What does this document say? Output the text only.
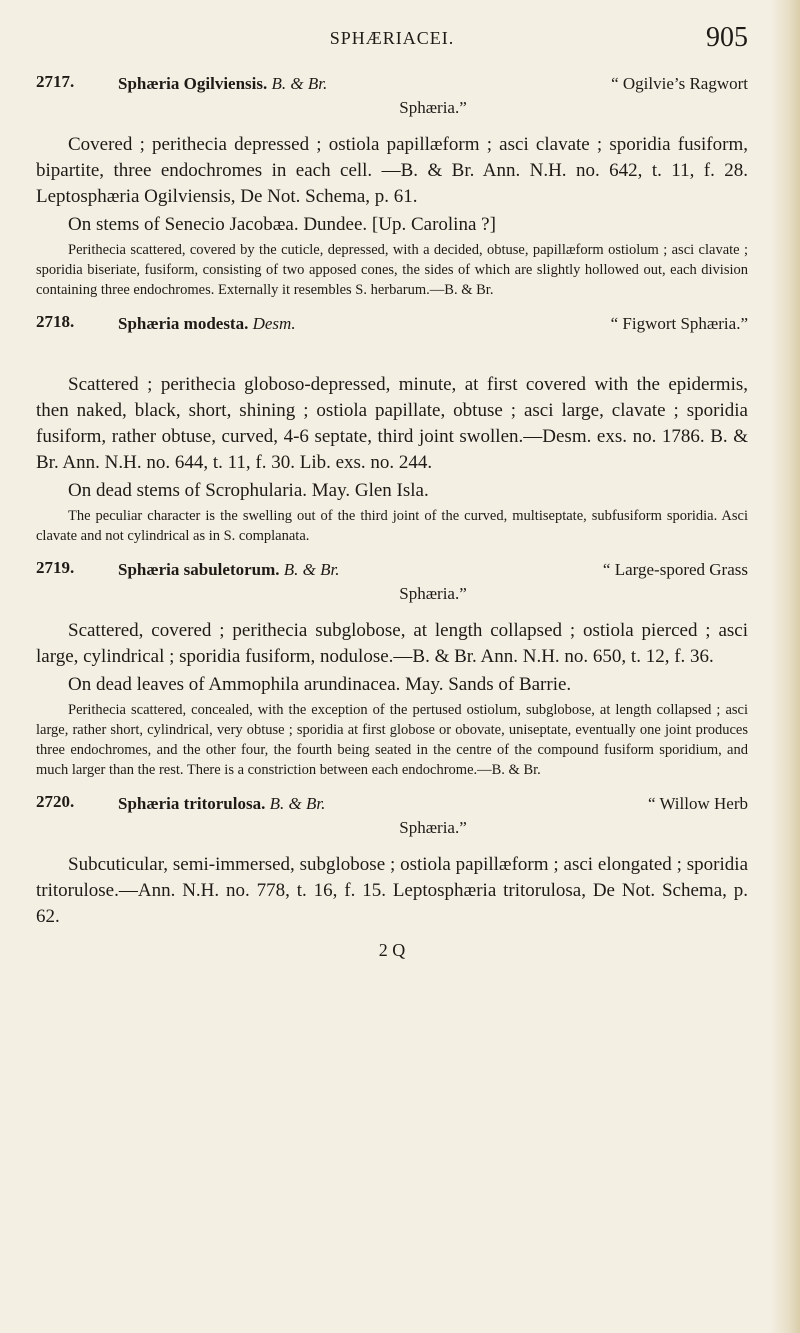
SPHÆRIACEI.	905
2717.	“ Ogilvie’s Ragwort
Sphæria Ogilviensis. B. & Br.
Sphæria.”

Covered ; perithecia depressed ; ostiola papillæform ; asci clavate ; sporidia fusiform, bipartite, three endochromes in each cell. —B. & Br. Ann. N.H. no. 642, t. 11, f. 28. Leptosphæria Ogilviensis, De Not. Schema, p. 61.

On stems of Senecio Jacobæa. Dundee. [Up. Carolina ?]

Perithecia scattered, covered by the cuticle, depressed, with a decided, obtuse, papillæform ostiolum ; asci clavate ; sporidia biseriate, fusiform, consisting of two apposed cones, the sides of which are slightly hollowed out, each division containing three endochromes. Externally it resembles S. herbarum.—B. & Br.

2718.	“ Figwort Sphæria.”
Sphæria modesta. Desm.

Scattered ; perithecia globoso-depressed, minute, at first covered with the epidermis, then naked, black, short, shining ; ostiola papillate, obtuse ; asci large, clavate ; sporidia fusiform, rather obtuse, curved, 4-6 septate, third joint swollen.—Desm. exs. no. 1786. B. & Br. Ann. N.H. no. 644, t. 11, f. 30. Lib. exs. no. 244.

On dead stems of Scrophularia. May. Glen Isla.

The peculiar character is the swelling out of the third joint of the curved, multiseptate, subfusiform sporidia. Asci clavate and not cylindrical as in S. complanata.

2719.	“ Large-spored Grass
Sphæria sabuletorum. B. & Br.
Sphæria.”

Scattered, covered ; perithecia subglobose, at length collapsed ; ostiola pierced ; asci large, cylindrical ; sporidia fusiform, nodulose.—B. & Br. Ann. N.H. no. 650, t. 12, f. 36.

On dead leaves of Ammophila arundinacea. May. Sands of Barrie.

Perithecia scattered, concealed, with the exception of the pertused ostiolum, subglobose, at length collapsed ; asci large, rather short, cylindrical, very obtuse ; sporidia at first globose or obovate, uniseptate, eventually one joint produces three endochromes, and the other four, the fourth being seated in the centre of the compound fusiform sporidium, and much larger than the rest. There is a constriction between each endochrome.—B. & Br.

2720.	“ Willow Herb
Sphæria tritorulosa. B. & Br.
Sphæria.”

Subcuticular, semi-immersed, subglobose ; ostiola papillæform ; asci elongated ; sporidia tritorulose.—Ann. N.H. no. 778, t. 16, f. 15. Leptosphæria tritorulosa, De Not. Schema, p. 62.

2 Q
